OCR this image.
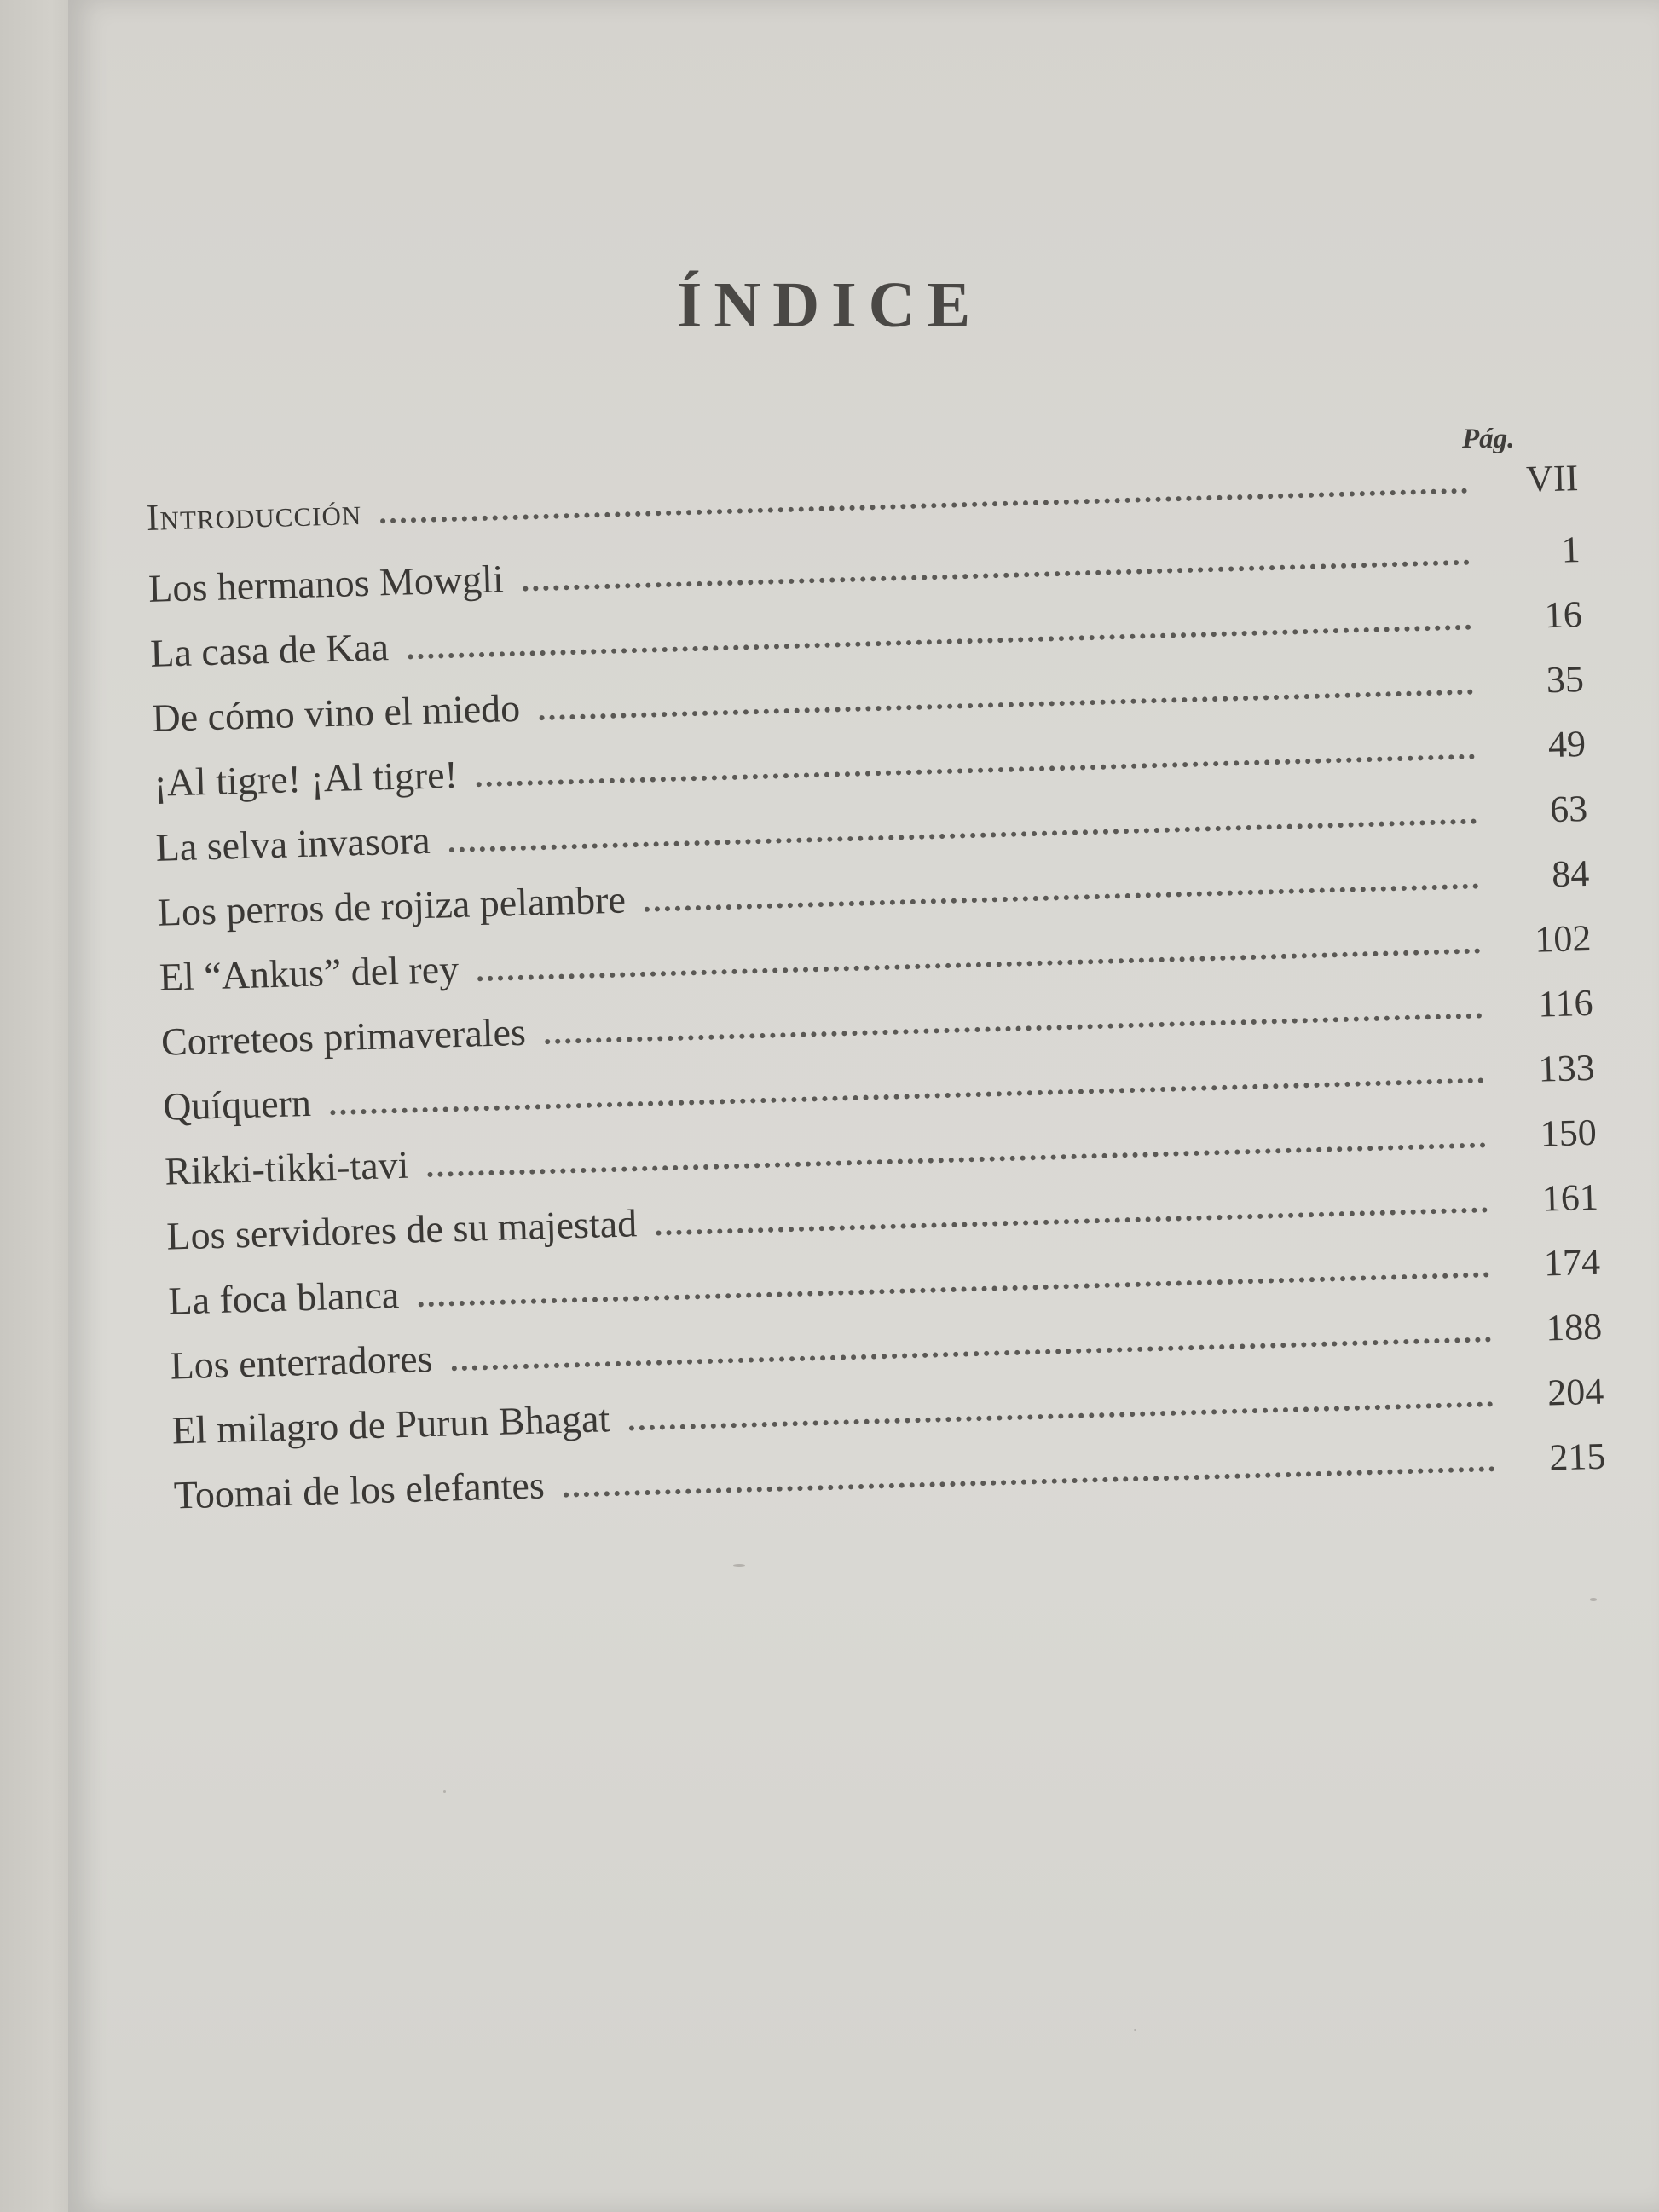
ÍNDICE
Pág.
Introducción
VII
Los hermanos Mowgli
1
La casa de Kaa
16
De cómo vino el miedo
35
¡Al tigre! ¡Al tigre!
49
La selva invasora
63
Los perros de rojiza pelambre
84
El “Ankus” del rey
102
Correteos primaverales
116
Quíquern
133
Rikki-tikki-tavi
150
Los servidores de su majestad
161
La foca blanca
174
Los enterradores
188
El milagro de Purun Bhagat
204
Toomai de los elefantes
215
